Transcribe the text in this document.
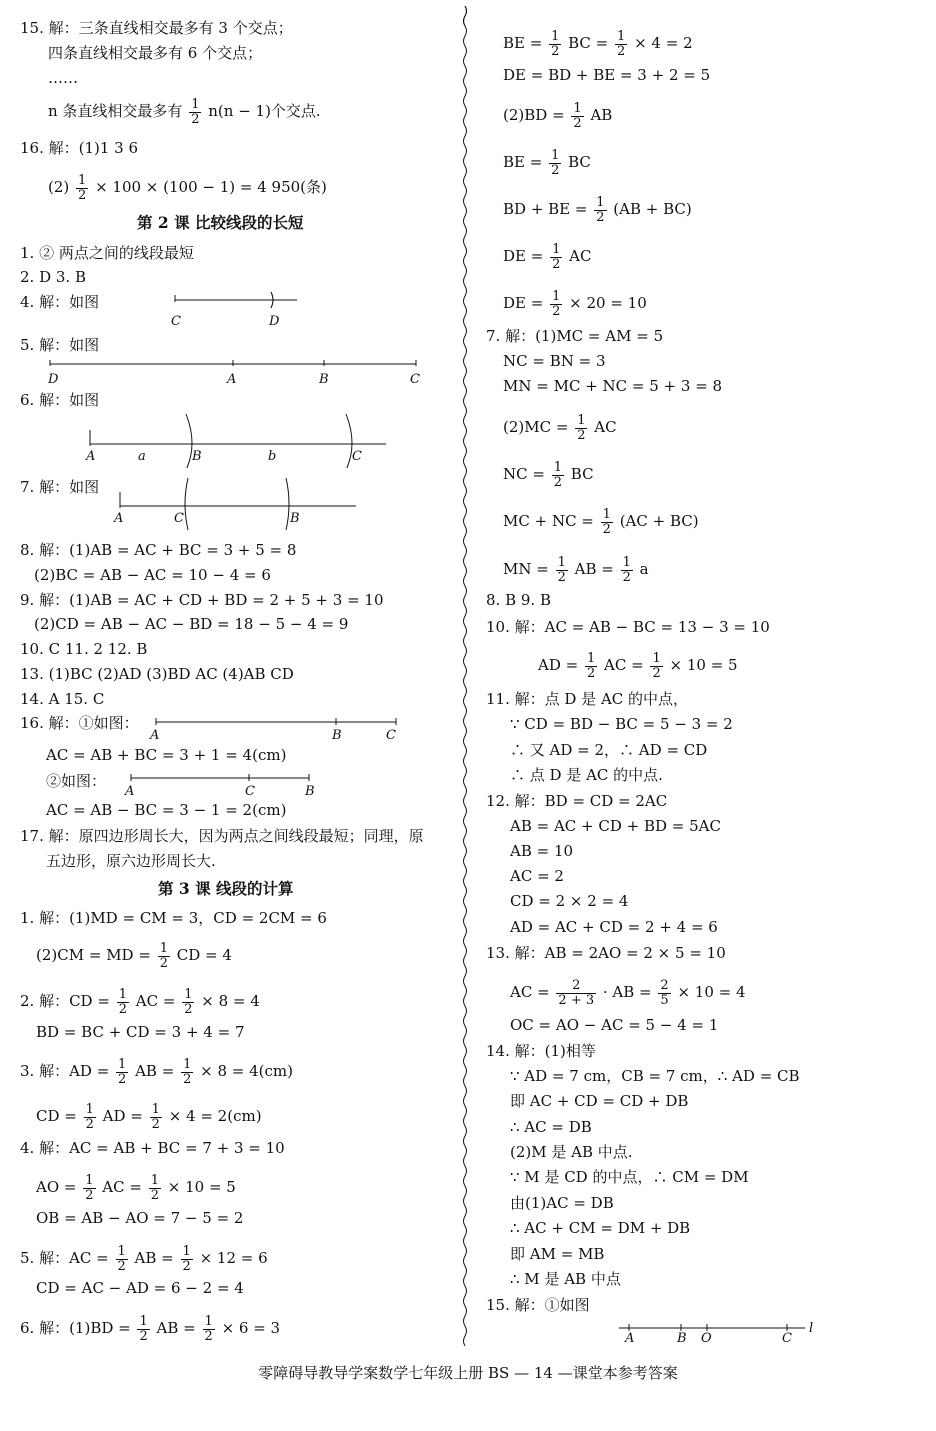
第 2 课 比较线段的长短
第 3 课 线段的计算
C	D
D	A	B	C
A	a	B	b	C
A	C	B
A	B	C
A	C	B
A	B O	C
l
零障碍导教导学案数学七年级上册 BS — 14 —课堂本参考答案
15. 解：三条直线相交最多有 3 个交点；
四条直线相交最多有 6 个交点；
……
16. 解：(1)1 3 6
1. ② 两点之间的线段最短
2. D 3. B
4. 解：如图
5. 解：如图
6. 解：如图
7. 解：如图
8. 解：(1)AB = AC + BC = 3 + 5 = 8
(2)BC = AB − AC = 10 − 4 = 6
9. 解：(1)AB = AC + CD + BD = 2 + 5 + 3 = 10
(2)CD = AB − AC − BD = 18 − 5 − 4 = 9
10. C 11. 2 12. B
13. (1)BC (2)AD (3)BD AC (4)AB CD
14. A 15. C
16. 解：①如图：
AC = AB + BC = 3 + 1 = 4(cm)
②如图：
AC = AB − BC = 3 − 1 = 2(cm)
17. 解：原四边形周长大，因为两点之间线段最短；同理，原
五边形，原六边形周长大.
1. 解：(1)MD = CM = 3，CD = 2CM = 6
BD = BC + CD = 3 + 4 = 7
4. 解：AC = AB + BC = 7 + 3 = 10
OB = AB − AO = 7 − 5 = 2
CD = AC − AD = 6 − 2 = 4
DE = BD + BE = 3 + 2 = 5
7. 解：(1)MC = AM = 5
NC = BN = 3
MN = MC + NC = 5 + 3 = 8
8. B 9. B
10. 解：AC = AB − BC = 13 − 3 = 10
11. 解：点 D 是 AC 的中点，
∵ CD = BD − BC = 5 − 3 = 2
∴ 又 AD = 2，∴ AD = CD
∴ 点 D 是 AC 的中点.
12. 解：BD = CD = 2AC
AB = AC + CD + BD = 5AC
AB = 10
AC = 2
CD = 2 × 2 = 4
AD = AC + CD = 2 + 4 = 6
13. 解：AB = 2AO = 2 × 5 = 10
OC = AO − AC = 5 − 4 = 1
14. 解：(1)相等
∵ AD = 7 cm，CB = 7 cm，∴ AD = CB
即 AC + CD = CD + DB
∴ AC = DB
(2)M 是 AB 中点.
∵ M 是 CD 的中点，∴ CM = DM
由(1)AC = DB
∴ AC + CM = DM + DB
即 AM = MB
∴ M 是 AB 中点
15. 解：①如图
n 条直线相交最多有 $\frac{1}{2} n(n - 1)$个交点.
$(2) \frac{1}{2} \times 100 \times (100 - 1) = 4$ 950(条)
(2)CM = MD = $\frac{1}{2}$ CD = 4
2. 解：CD = $\frac{1}{2}$ AC = $\frac{1}{2} \times 8 = 4$
3. 解：AD = $\frac{1}{2}$ AB = $\frac{1}{2} \times 8 = 4(cm)$
CD = $\frac{1}{2}$ AD = $\frac{1}{2} \times 4 = 2(cm)$
AO = $\frac{1}{2}$ AC = $\frac{1}{2} \times 10 = 5$
5. 解：AC = $\frac{1}{2}$ AB = $\frac{1}{2} \times 12 = 6$
6. 解：$(1)BD = \frac{1}{2}$ AB = $\frac{1}{2} \times 6 = 3$
BE = $\frac{1}{2}$ BC = $\frac{1}{2} \times 4 = 2$
$(2)BD = \frac{1}{2}$ AB
BE = $\frac{1}{2}$ BC
BD + BE = $\frac{1}{2} (AB + BC)$
DE = $\frac{1}{2}$ AC
DE = $\frac{1}{2} \times 20 = 10$
$(2)MC = \frac{1}{2}$ AC
NC = $\frac{1}{2}$ BC
MC + NC = $\frac{1}{2} (AC + BC)$
MN = $\frac{1}{2}$ AB = $\frac{1}{2}$ a
AD = $\frac{1}{2}$ AC = $\frac{1}{2} \times 10 = 5$
AC = $\frac{2}{2 + 3}$ · AB = $\frac{2}{5} \times 10 = 4$
